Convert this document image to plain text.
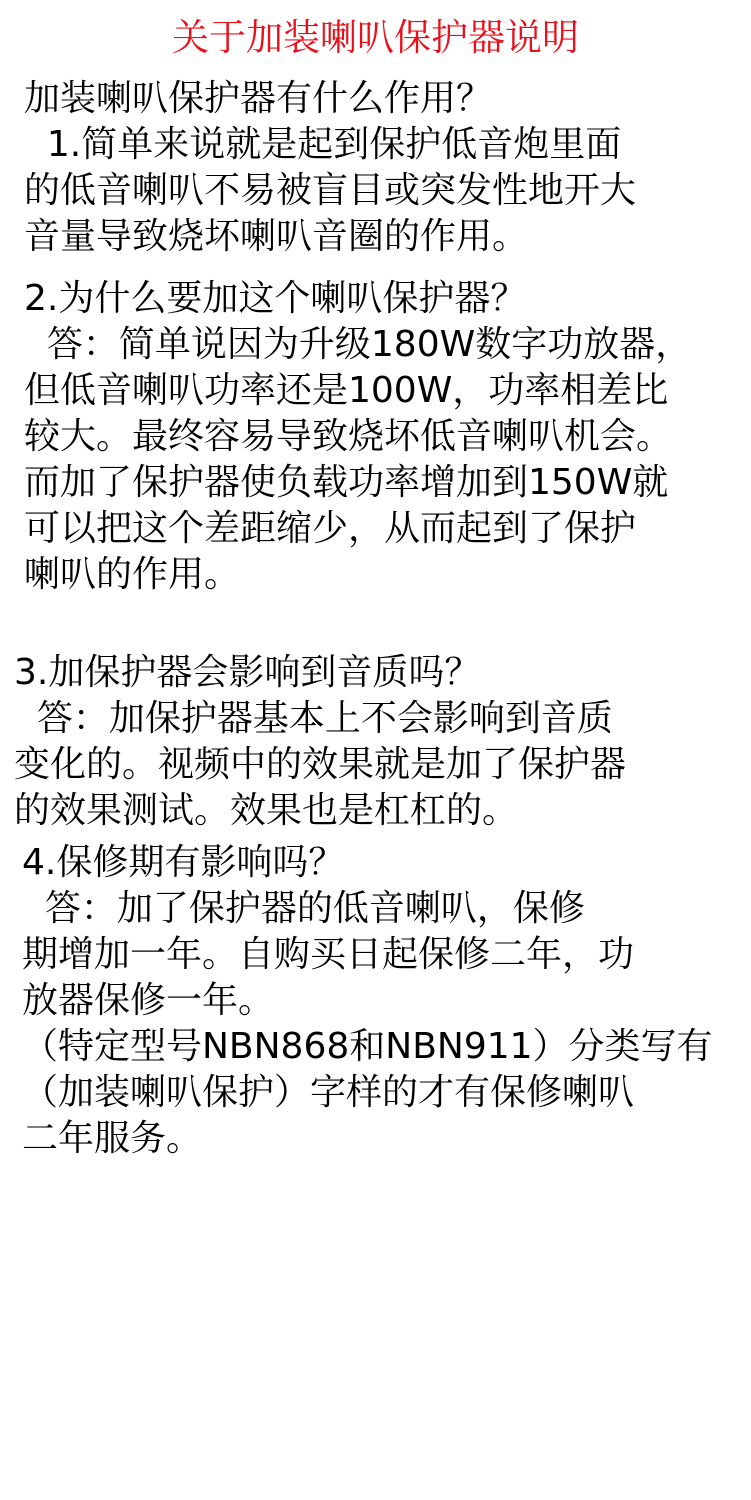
关于加装喇叭保护器说明
加装喇叭保护器有什么作用？
1.简单来说就是起到保护低音炮里面
的低音喇叭不易被盲目或突发性地开大
音量导致烧坏喇叭音圈的作用。
2.为什么要加这个喇叭保护器？
答：简单说因为升级180W数字功放器，
但低音喇叭功率还是100W，功率相差比
较大。最终容易导致烧坏低音喇叭机会。
而加了保护器使负载功率增加到150W就
可以把这个差距缩少，从而起到了保护
喇叭的作用。
3.加保护器会影响到音质吗？
答：加保护器基本上不会影响到音质
变化的。视频中的效果就是加了保护器
的效果测试。效果也是杠杠的。
4.保修期有影响吗？
答：加了保护器的低音喇叭，保修
期增加一年。自购买日起保修二年，功
放器保修一年。
（特定型号NBN868和NBN911）分类写有
（加装喇叭保护）字样的才有保修喇叭
二年服务。
